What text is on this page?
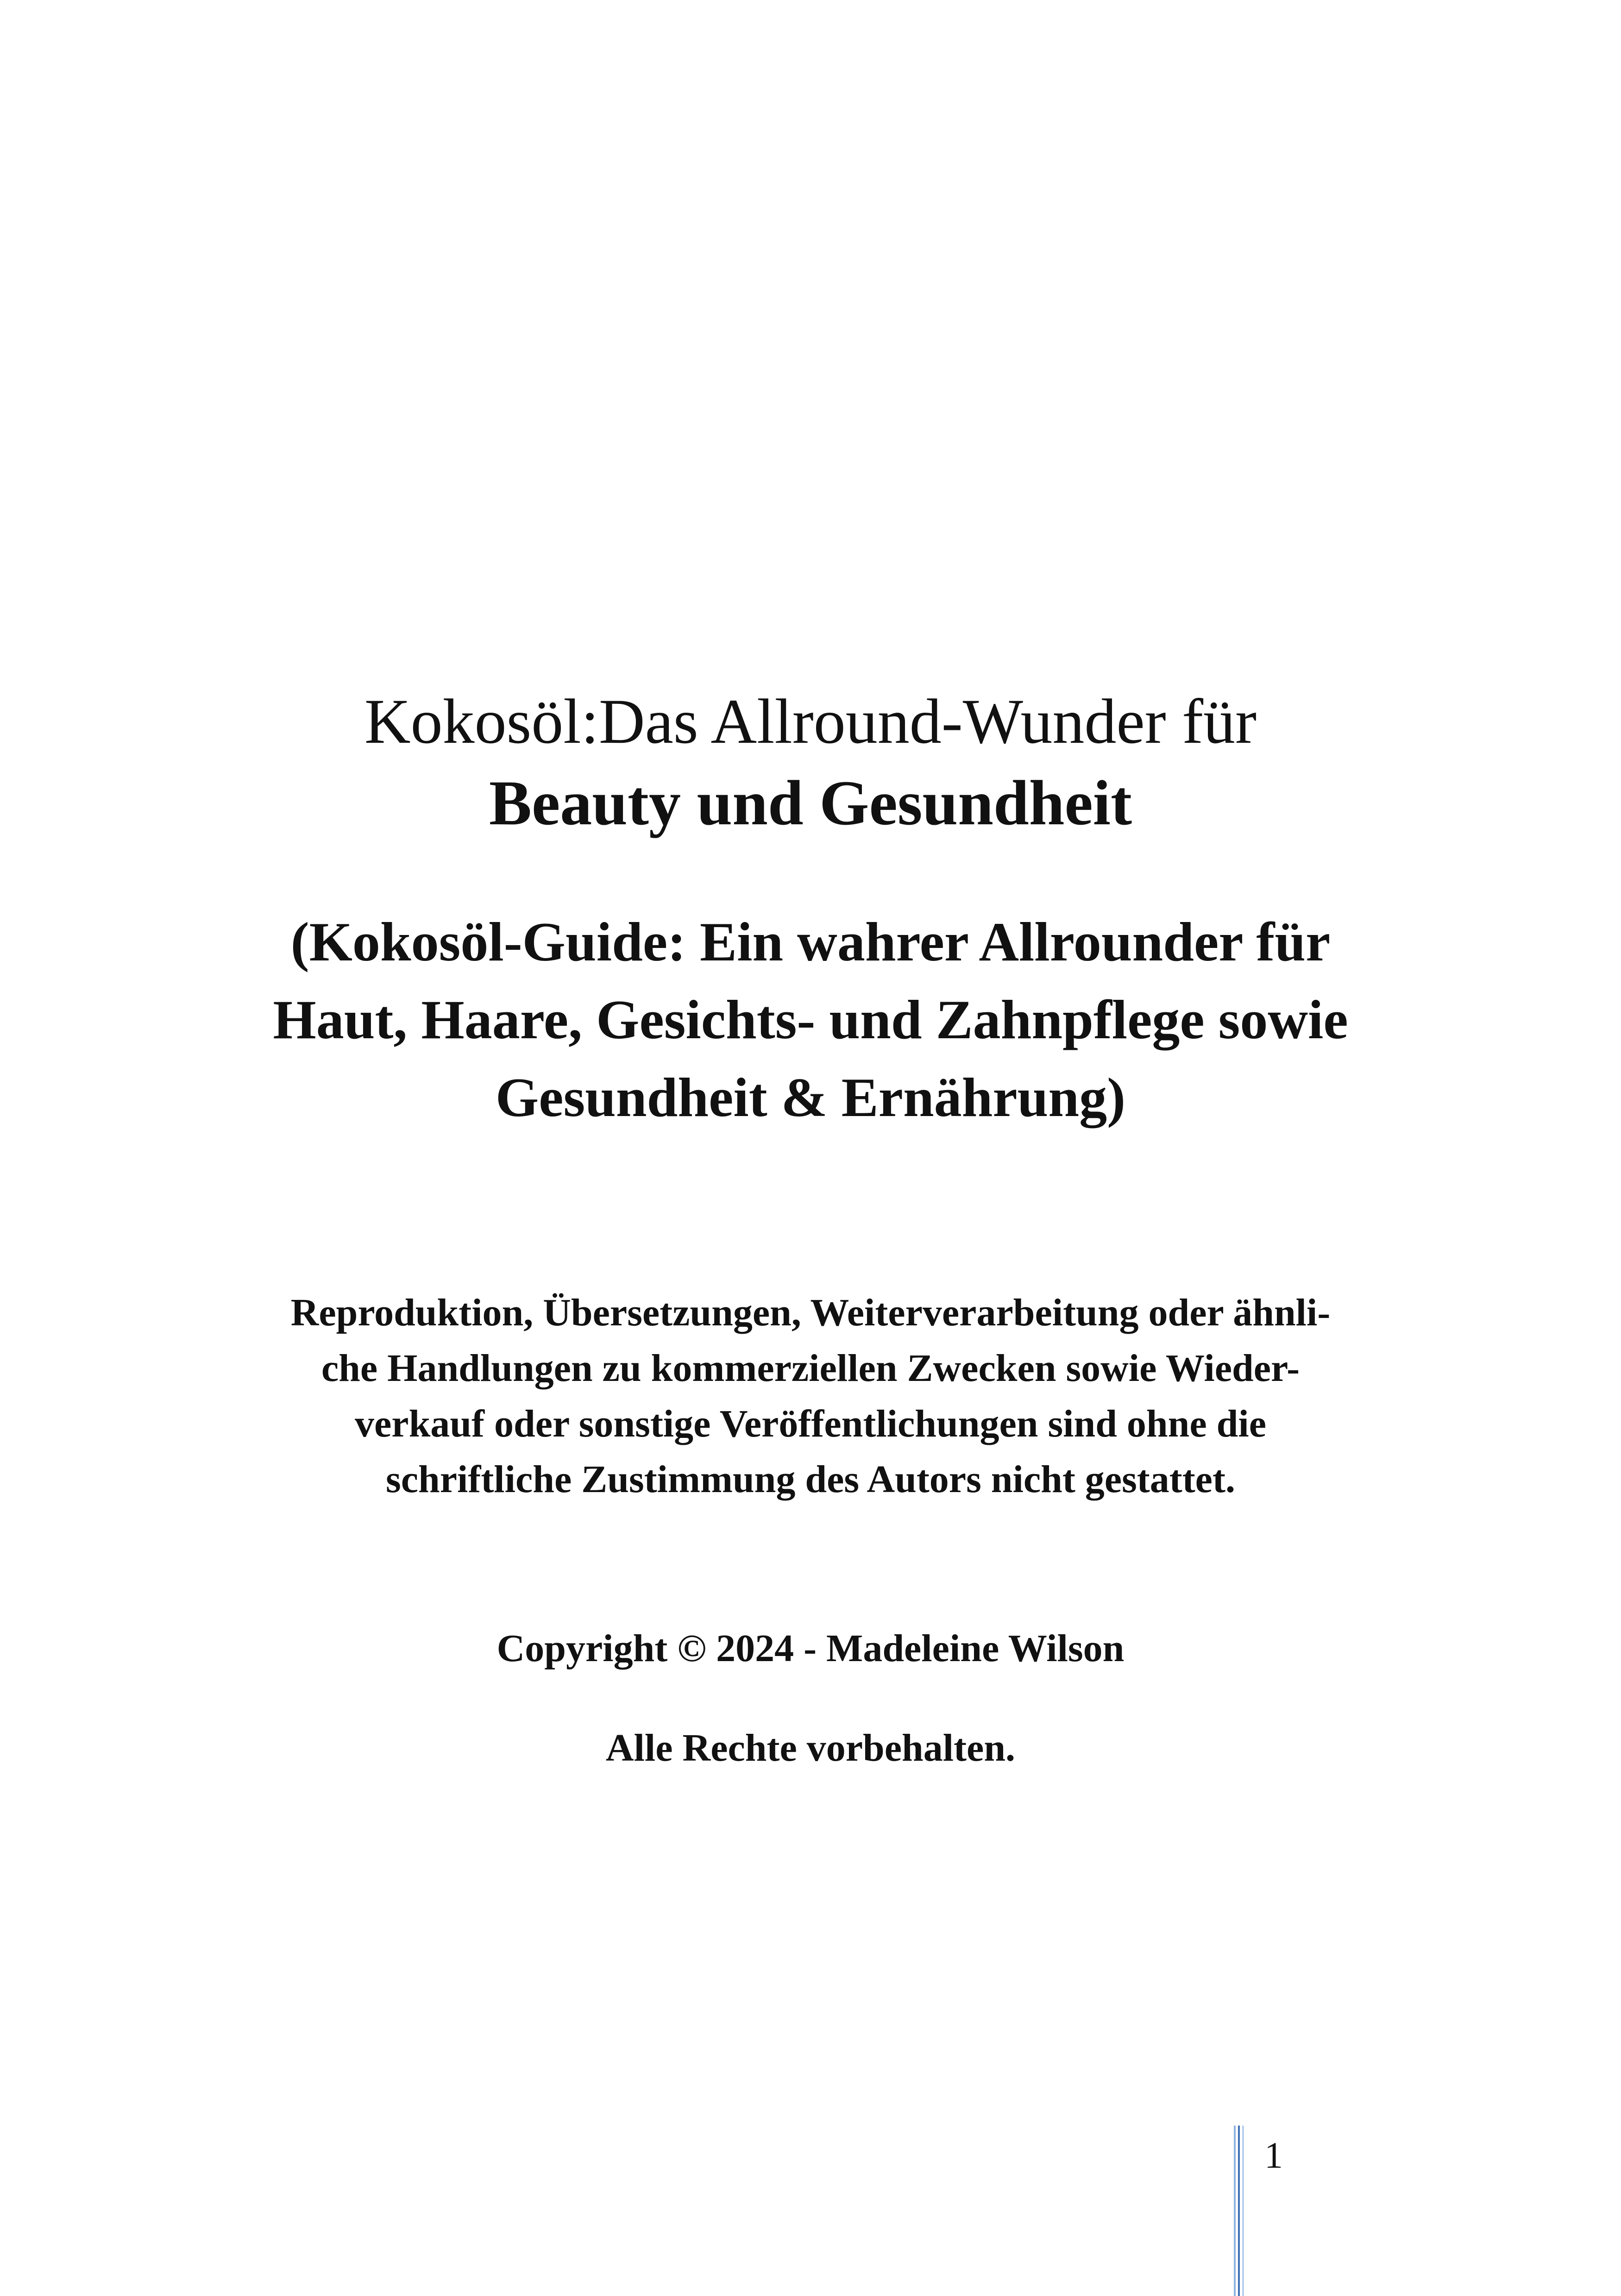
Kokosöl:Das Allround-Wunder für
Beauty und Gesundheit
(Kokosöl-Guide: Ein wahrer Allrounder für
Haut, Haare, Gesichts- und Zahnpflege sowie
Gesundheit & Ernährung)

Reproduktion, Übersetzungen, Weiterverarbeitung oder ähnli-
che Handlungen zu kommerziellen Zwecken sowie Wieder-
verkauf oder sonstige Veröffentlichungen sind ohne die
schriftliche Zustimmung des Autors nicht gestattet.

Copyright © 2024 - Madeleine Wilson

Alle Rechte vorbehalten.

1
